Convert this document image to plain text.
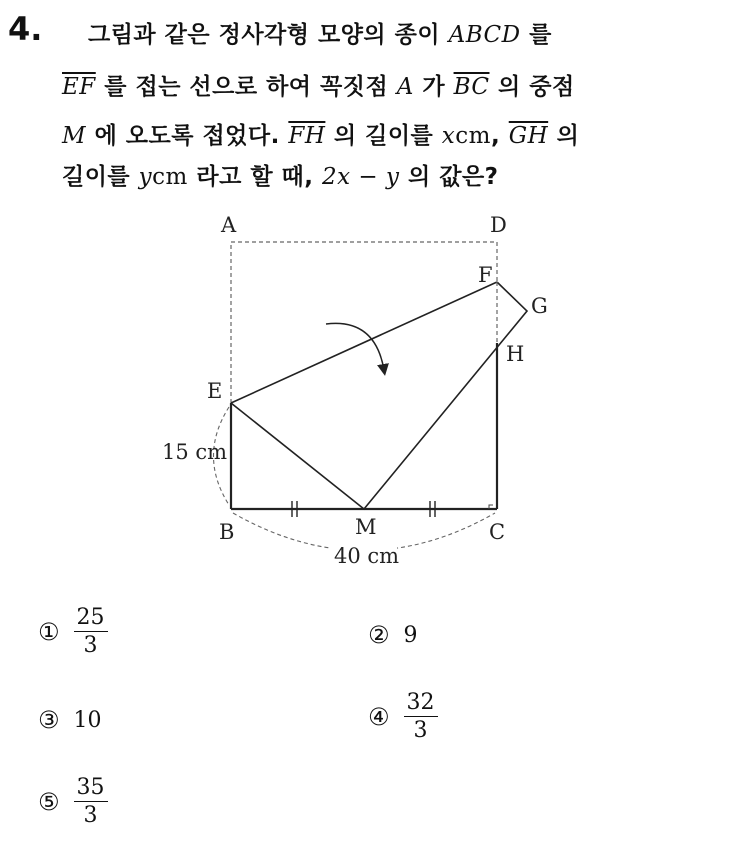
4. 그림과 같은 정사각형 모양의 종이 ABCD 를
$\overline{EF}$ 를 접는 선으로 하여 꼭짓점 A 가 $\overline{BC}$ 의 중점
M 에 오도록 접었다. $\overline{FH}$ 의 길이를 xcm, $\overline{GH}$ 의
길이를 ycm 라고 할 때, 2x − y 의 값은?
A	D
F
G
H
E
15 cm
B	M	C
40 cm
① $\frac{25}{3}$	② 9
③ 10	④ $\frac{32}{3}$
⑤ $\frac{35}{3}$
